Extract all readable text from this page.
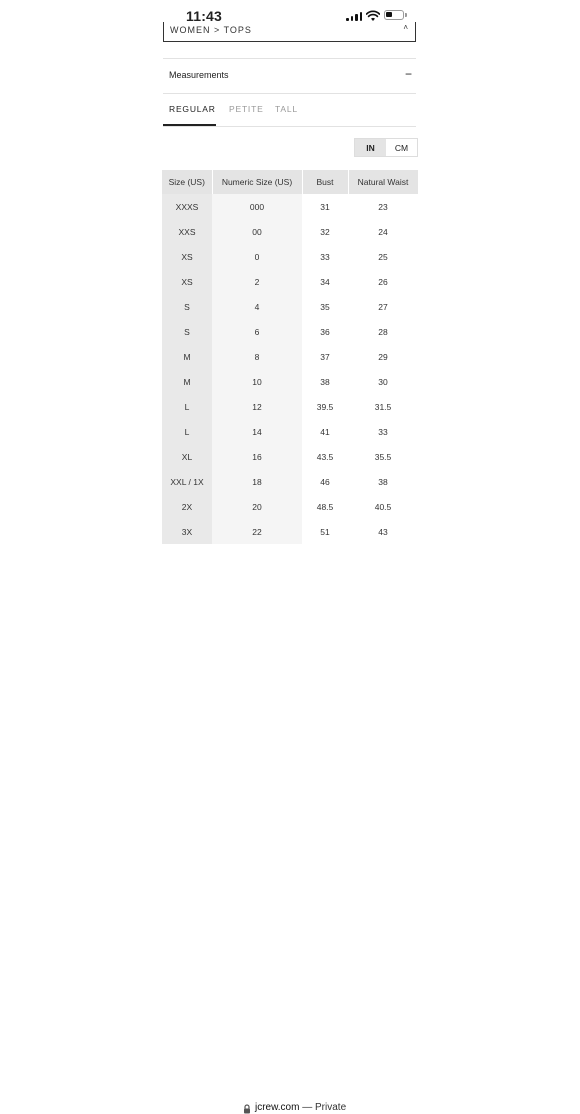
11:43
WOMEN > TOPS	˄
Measurements	−
REGULAR PETITE TALL
IN	CM
Size (US)	Numeric Size (US)	Bust	Natural Waist
XXXS	000	31	23
XXS	00	32	24
XS	0	33	25
XS	2	34	26
S	4	35	27
S	6	36	28
M	8	37	29
M	10	38	30
L	12	39.5	31.5
L	14	41	33
XL	16	43.5	35.5
XXL / 1X	18	46	38
2X	20	48.5	40.5
3X	22	51	43
jcrew.com — Private
